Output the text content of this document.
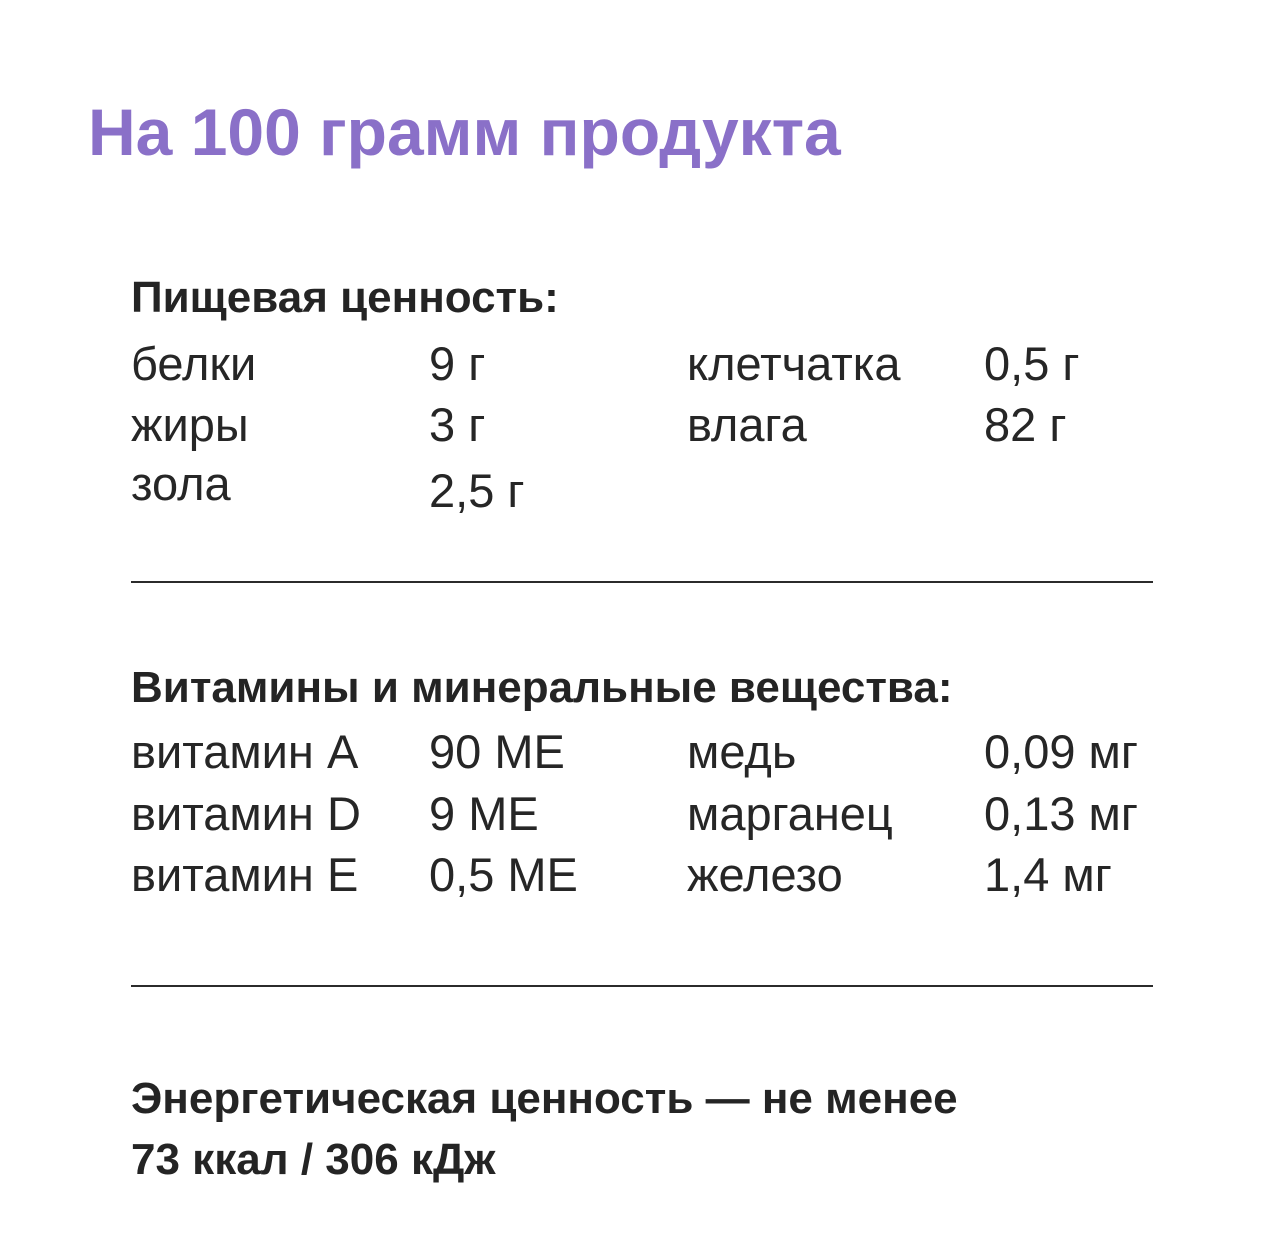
На 100 грамм продукта
Пищевая ценность:
белки	9 г	клетчатка 0,5 г
жиры	3 г	влага	82 г
зола	2,5 г
Витамины и минеральные вещества:
витамин A 90 МЕ	медь	0,09 мг
витамин D 9 МЕ	марганец 0,13 мг
витамин E 0,5 МЕ железо	1,4 мг

Энергетическая ценность — не менее
73 ккал / 306 кДж
